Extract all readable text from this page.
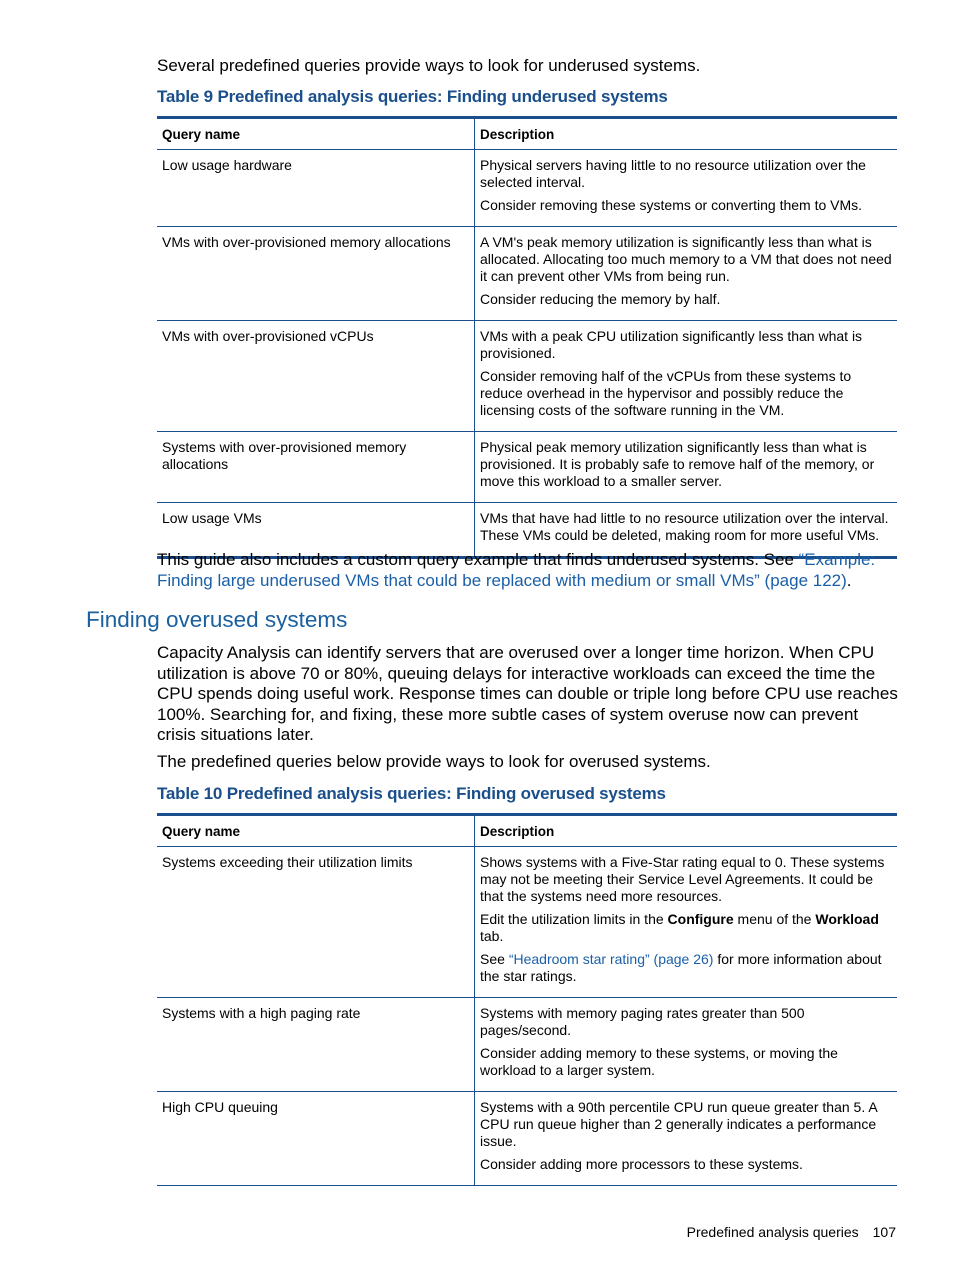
Several predefined queries provide ways to look for underused systems.

Table 9 Predefined analysis queries: Finding underused systems

Query name	Description
Low usage hardware	Physical servers having little to no resource utilization over the selected interval.

Consider removing these systems or converting them to VMs.

VMs with over-provisioned memory allocations	A VM's peak memory utilization is significantly less than what is allocated. Allocating too much memory to a VM that does not need it can prevent other VMs from being run.

Consider reducing the memory by half.

VMs with over-provisioned vCPUs	VMs with a peak CPU utilization significantly less than what is provisioned.

Consider removing half of the vCPUs from these systems to reduce overhead in the hypervisor and possibly reduce the licensing costs of the software running in the VM.

Systems with over-provisioned memory allocations	Physical peak memory utilization significantly less than what is provisioned. It is probably safe to remove half of the memory, or move this workload to a smaller server.

Low usage VMs	VMs that have had little to no resource utilization over the interval. These VMs could be deleted, making room for more useful VMs.

This guide also includes a custom query example that finds underused systems. See “Example: Finding large underused VMs that could be replaced with medium or small VMs” (page 122).

Finding overused systems

Capacity Analysis can identify servers that are overused over a longer time horizon. When CPU utilization is above 70 or 80%, queuing delays for interactive workloads can exceed the time the CPU spends doing useful work. Response times can double or triple long before CPU use reaches 100%. Searching for, and fixing, these more subtle cases of system overuse now can prevent crisis situations later.

The predefined queries below provide ways to look for overused systems.

Table 10 Predefined analysis queries: Finding overused systems

Query name	Description
Systems exceeding their utilization limits	Shows systems with a Five-Star rating equal to 0. These systems may not be meeting their Service Level Agreements. It could be that the systems need more resources.

Edit the utilization limits in the Configure menu of the Workload tab.

See “Headroom star rating” (page 26) for more information about the star ratings.

Systems with a high paging rate	Systems with memory paging rates greater than 500 pages/second.

Consider adding memory to these systems, or moving the workload to a larger system.

High CPU queuing	Systems with a 90th percentile CPU run queue greater than 5. A CPU run queue higher than 2 generally indicates a performance issue.

Consider adding more processors to these systems.

Predefined analysis queries 107
